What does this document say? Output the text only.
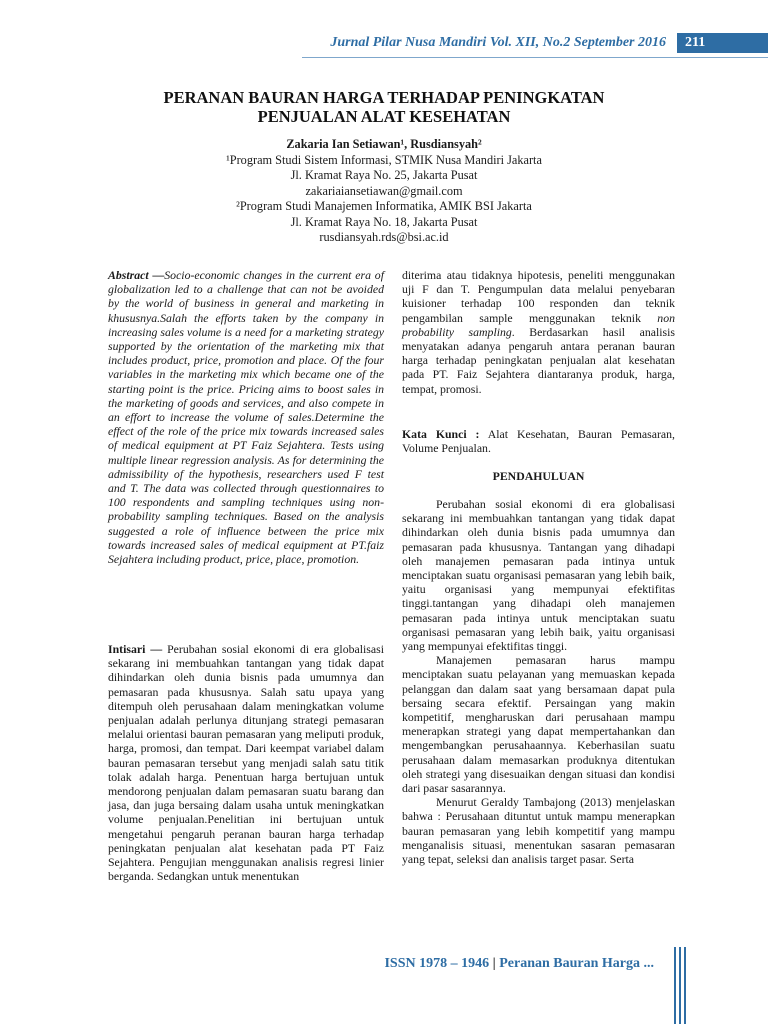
Jurnal Pilar Nusa Mandiri Vol. XII, No.2 September 2016	211
PERANAN BAURAN HARGA TERHADAP PENINGKATAN
PENJUALAN ALAT KESEHATAN
Zakaria Ian Setiawan¹, Rusdiansyah²
¹Program Studi Sistem Informasi, STMIK Nusa Mandiri Jakarta
Jl. Kramat Raya No. 25, Jakarta Pusat
zakariaiansetiawan@gmail.com
²Program Studi Manajemen Informatika, AMIK BSI Jakarta
Jl. Kramat Raya No. 18, Jakarta Pusat
rusdiansyah.rds@bsi.ac.id

Abstract —Socio-economic changes in the current era of globalization led to a challenge that can not be avoided by the world of business in general and marketing in khususnya.Salah the efforts taken by the company in increasing sales volume is a need for a marketing strategy supported by the orientation of the marketing mix that includes product, price, promotion and place. Of the four variables in the marketing mix which became one of the starting point is the price. Pricing aims to boost sales in the marketing of goods and services, and also compete in an effort to increase the volume of sales.Determine the effect of the role of the price mix towards increased sales of medical equipment at PT Faiz Sejahtera. Tests using multiple linear regression analysis. As for determining the admissibility of the hypothesis, researchers used F test and T. The data was collected through questionnaires to 100 respondents and sampling techniques using non-probability sampling techniques. Based on the analysis suggested a role of influence between the price mix towards increased sales of medical equipment at PT.faiz Sejahtera including product, price, place, promotion.

Intisari — Perubahan sosial ekonomi di era globalisasi sekarang ini membuahkan tantangan yang tidak dapat dihindarkan oleh dunia bisnis pada umumnya dan pemasaran pada khususnya. Salah satu upaya yang ditempuh oleh perusahaan dalam meningkatkan volume penjualan adalah perlunya ditunjang strategi pemasaran melalui orientasi bauran pemasaran yang meliputi produk, harga, promosi, dan tempat. Dari keempat variabel dalam bauran pemasaran tersebut yang menjadi salah satu titik tolak adalah harga. Penentuan harga bertujuan untuk mendorong penjualan dalam pemasaran suatu barang dan jasa, dan juga bersaing dalam usaha untuk meningkatkan volume penjualan.Penelitian ini bertujuan untuk mengetahui pengaruh peranan bauran harga terhadap peningkatan penjualan alat kesehatan pada PT Faiz Sejahtera. Pengujian menggunakan analisis regresi linier berganda. Sedangkan untuk menentukan

diterima atau tidaknya hipotesis, peneliti menggunakan uji F dan T. Pengumpulan data melalui penyebaran kuisioner terhadap 100 responden dan teknik pengambilan sample menggunakan teknik non probability sampling. Berdasarkan hasil analisis menyatakan adanya pengaruh antara peranan bauran harga terhadap peningkatan penjualan alat kesehatan pada PT. Faiz Sejahtera diantaranya produk, harga, tempat, promosi.

Kata Kunci : Alat Kesehatan, Bauran Pemasaran, Volume Penjualan.

PENDAHULUAN

Perubahan sosial ekonomi di era globalisasi sekarang ini membuahkan tantangan yang tidak dapat dihindarkan oleh dunia bisnis pada umumnya dan pemasaran pada khususnya. Tantangan yang dihadapi oleh manajemen pemasaran pada intinya untuk menciptakan suatu organisasi pemasaran yang lebih baik, yaitu organisasi yang mempunyai efektifitas tinggi.tantangan yang dihadapi oleh manajemen pemasaran pada intinya untuk menciptakan suatu organisasi pemasaran yang lebih baik, yaitu organisasi yang mempunyai efektifitas tinggi.

Manajemen pemasaran harus mampu menciptakan suatu pelayanan yang memuaskan kepada pelanggan dan dalam saat yang bersamaan dapat pula bersaing secara efektif. Persaingan yang makin kompetitif, mengharuskan dari perusahaan mampu menerapkan strategi yang dapat mempertahankan dan mengembangkan perusahaannya. Keberhasilan suatu perusahaan dalam memasarkan produknya ditentukan oleh strategi yang disesuaikan dengan situasi dan kondisi dari pasar sasarannya.

Menurut Geraldy Tambajong (2013) menjelaskan bahwa : Perusahaan dituntut untuk mampu menerapkan bauran pemasaran yang lebih kompetitif yang mampu menganalisis situasi, menentukan sasaran pemasaran yang tepat, seleksi dan analisis target pasar. Serta

ISSN 1978 – 1946 | Peranan Bauran Harga ...
